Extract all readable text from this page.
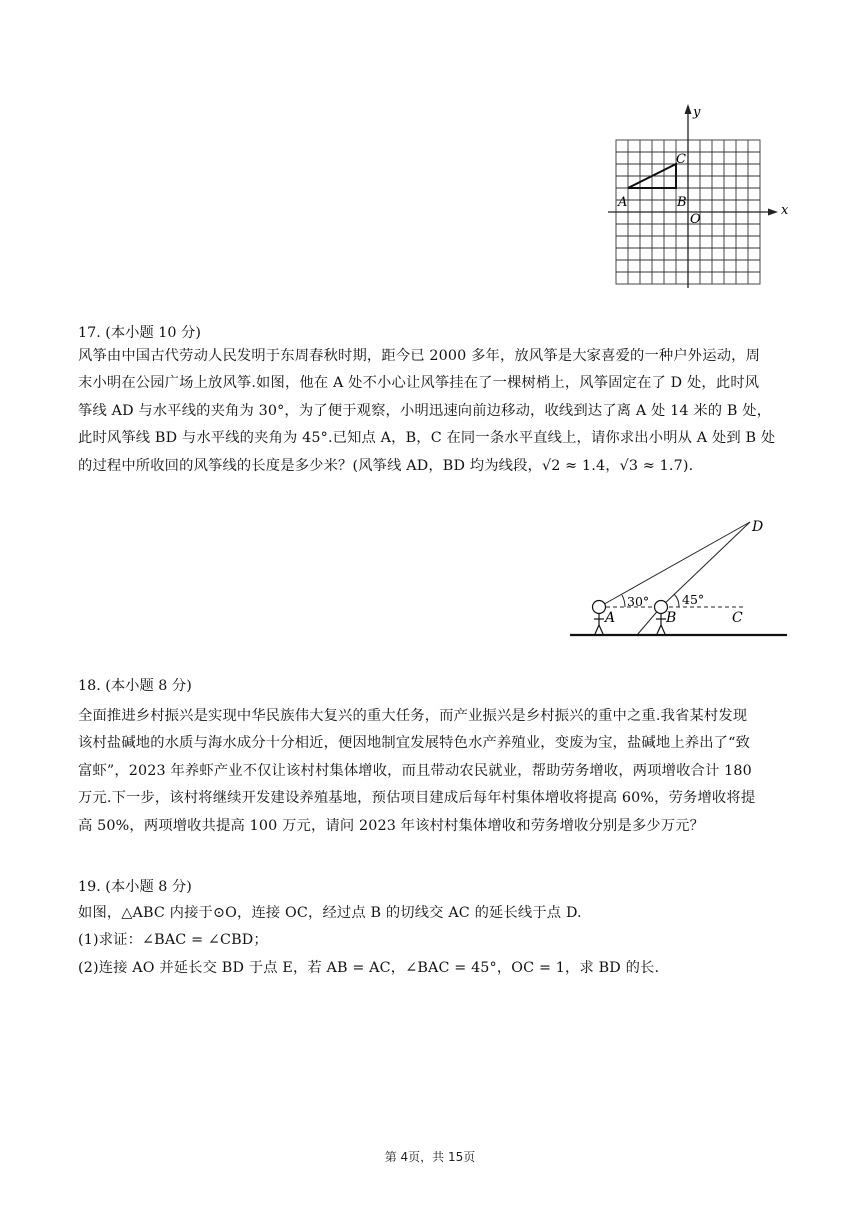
y
x
A	B
C
O
17. (本小题 10 分)
风筝由中国古代劳动人民发明于东周春秋时期，距今已 2000 多年，放风筝是大家喜爱的一种户外运动，周
末小明在公园广场上放风筝.如图，他在 A 处不小心让风筝挂在了一棵树梢上，风筝固定在了 D 处，此时风
筝线 AD 与水平线的夹角为 30°，为了便于观察，小明迅速向前边移动，收线到达了离 A 处 14 米的 B 处，
此时风筝线 BD 与水平线的夹角为 45°.已知点 A，B，C 在同一条水平直线上，请你求出小明从 A 处到 B 处
的过程中所收回的风筝线的长度是多少米？(风筝线 AD，BD 均为线段，√2 ≈ 1.4，√3 ≈ 1.7).
D
A	B	C
30°	45°
18. (本小题 8 分)
全面推进乡村振兴是实现中华民族伟大复兴的重大任务，而产业振兴是乡村振兴的重中之重.我省某村发现
该村盐碱地的水质与海水成分十分相近，便因地制宜发展特色水产养殖业，变废为宝，盐碱地上养出了“致
富虾”，2023 年养虾产业不仅让该村村集体增收，而且带动农民就业，帮助劳务增收，两项增收合计 180
万元.下一步，该村将继续开发建设养殖基地，预估项目建成后每年村集体增收将提高 60%，劳务增收将提
高 50%，两项增收共提高 100 万元，请问 2023 年该村村集体增收和劳务增收分别是多少万元？
19. (本小题 8 分)
如图，△ABC 内接于⊙O，连接 OC，经过点 B 的切线交 AC 的延长线于点 D.
(1)求证：∠BAC = ∠CBD；
(2)连接 AO 并延长交 BD 于点 E，若 AB = AC，∠BAC = 45°，OC = 1，求 BD 的长.
第 4页，共 15页
